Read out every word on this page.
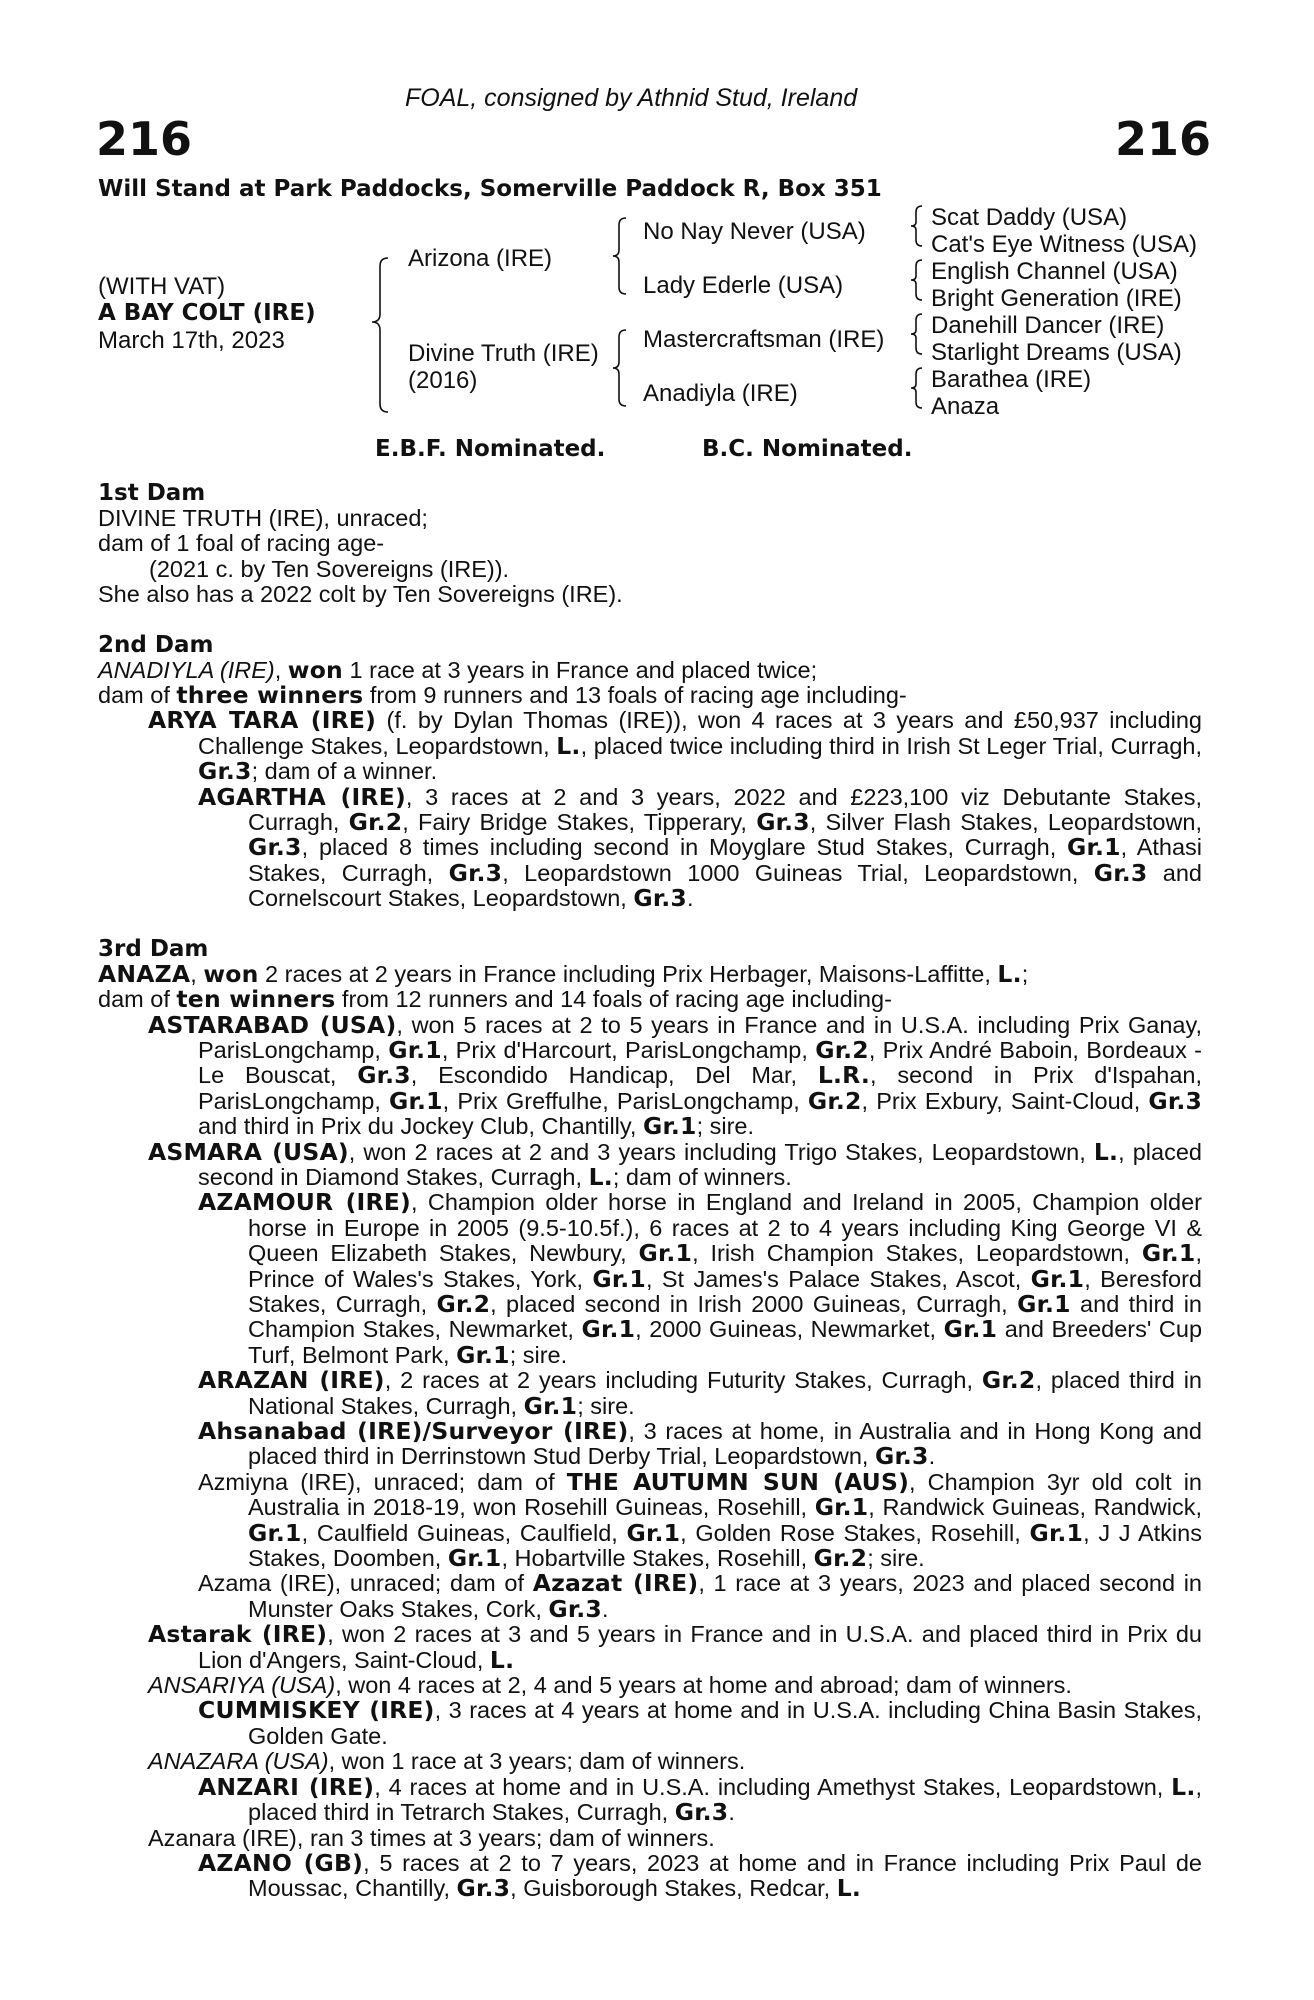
FOAL, consigned by Athnid Stud, Ireland
216	216
Will Stand at Park Paddocks, Somerville Paddock R, Box 351
(WITH VAT)
A BAY COLT (IRE)
March 17th, 2023
Arizona (IRE)
Divine Truth (IRE)
(2016)
No Nay Never (USA)
Lady Ederle (USA)
Mastercraftsman (IRE)
Anadiyla (IRE)
Scat Daddy (USA)
Cat's Eye Witness (USA)
English Channel (USA)
Bright Generation (IRE)
Danehill Dancer (IRE)
Starlight Dreams (USA)
Barathea (IRE)
Anaza
E.B.F. Nominated.	B.C. Nominated.
1st Dam
DIVINE TRUTH (IRE), unraced;
dam of 1 foal of racing age-
(2021 c. by Ten Sovereigns (IRE)).
She also has a 2022 colt by Ten Sovereigns (IRE).
2nd Dam
ANADIYLA (IRE), won 1 race at 3 years in France and placed twice;
dam of three winners from 9 runners and 13 foals of racing age including-
ARYA TARA (IRE) (f. by Dylan Thomas (IRE)), won 4 races at 3 years and £50,937 including Challenge Stakes, Leopardstown, L., placed twice including third in Irish St Leger Trial, Curragh, Gr.3; dam of a winner.
AGARTHA (IRE), 3 races at 2 and 3 years, 2022 and £223,100 viz Debutante Stakes, Curragh, Gr.2, Fairy Bridge Stakes, Tipperary, Gr.3, Silver Flash Stakes, Leopardstown, Gr.3, placed 8 times including second in Moyglare Stud Stakes, Curragh, Gr.1, Athasi Stakes, Curragh, Gr.3, Leopardstown 1000 Guineas Trial, Leopardstown, Gr.3 and Cornelscourt Stakes, Leopardstown, Gr.3.
3rd Dam
ANAZA, won 2 races at 2 years in France including Prix Herbager, Maisons-Laffitte, L.;
dam of ten winners from 12 runners and 14 foals of racing age including-
ASTARABAD (USA), won 5 races at 2 to 5 years in France and in U.S.A. including Prix Ganay, ParisLongchamp, Gr.1, Prix d'Harcourt, ParisLongchamp, Gr.2, Prix André Baboin, Bordeaux - Le Bouscat, Gr.3, Escondido Handicap, Del Mar, L.R., second in Prix d'Ispahan, ParisLongchamp, Gr.1, Prix Greffulhe, ParisLongchamp, Gr.2, Prix Exbury, Saint-Cloud, Gr.3 and third in Prix du Jockey Club, Chantilly, Gr.1; sire.
ASMARA (USA), won 2 races at 2 and 3 years including Trigo Stakes, Leopardstown, L., placed second in Diamond Stakes, Curragh, L.; dam of winners.
AZAMOUR (IRE), Champion older horse in England and Ireland in 2005, Champion older horse in Europe in 2005 (9.5-10.5f.), 6 races at 2 to 4 years including King George VI & Queen Elizabeth Stakes, Newbury, Gr.1, Irish Champion Stakes, Leopardstown, Gr.1, Prince of Wales's Stakes, York, Gr.1, St James's Palace Stakes, Ascot, Gr.1, Beresford Stakes, Curragh, Gr.2, placed second in Irish 2000 Guineas, Curragh, Gr.1 and third in Champion Stakes, Newmarket, Gr.1, 2000 Guineas, Newmarket, Gr.1 and Breeders' Cup Turf, Belmont Park, Gr.1; sire.
ARAZAN (IRE), 2 races at 2 years including Futurity Stakes, Curragh, Gr.2, placed third in National Stakes, Curragh, Gr.1; sire.
Ahsanabad (IRE)/Surveyor (IRE), 3 races at home, in Australia and in Hong Kong and placed third in Derrinstown Stud Derby Trial, Leopardstown, Gr.3.
Azmiyna (IRE), unraced; dam of THE AUTUMN SUN (AUS), Champion 3yr old colt in Australia in 2018-19, won Rosehill Guineas, Rosehill, Gr.1, Randwick Guineas, Randwick, Gr.1, Caulfield Guineas, Caulfield, Gr.1, Golden Rose Stakes, Rosehill, Gr.1, J J Atkins Stakes, Doomben, Gr.1, Hobartville Stakes, Rosehill, Gr.2; sire.
Azama (IRE), unraced; dam of Azazat (IRE), 1 race at 3 years, 2023 and placed second in Munster Oaks Stakes, Cork, Gr.3.
Astarak (IRE), won 2 races at 3 and 5 years in France and in U.S.A. and placed third in Prix du Lion d'Angers, Saint-Cloud, L.
ANSARIYA (USA), won 4 races at 2, 4 and 5 years at home and abroad; dam of winners.
CUMMISKEY (IRE), 3 races at 4 years at home and in U.S.A. including China Basin Stakes, Golden Gate.
ANAZARA (USA), won 1 race at 3 years; dam of winners.
ANZARI (IRE), 4 races at home and in U.S.A. including Amethyst Stakes, Leopardstown, L., placed third in Tetrarch Stakes, Curragh, Gr.3.
Azanara (IRE), ran 3 times at 3 years; dam of winners.
AZANO (GB), 5 races at 2 to 7 years, 2023 at home and in France including Prix Paul de Moussac, Chantilly, Gr.3, Guisborough Stakes, Redcar, L.
